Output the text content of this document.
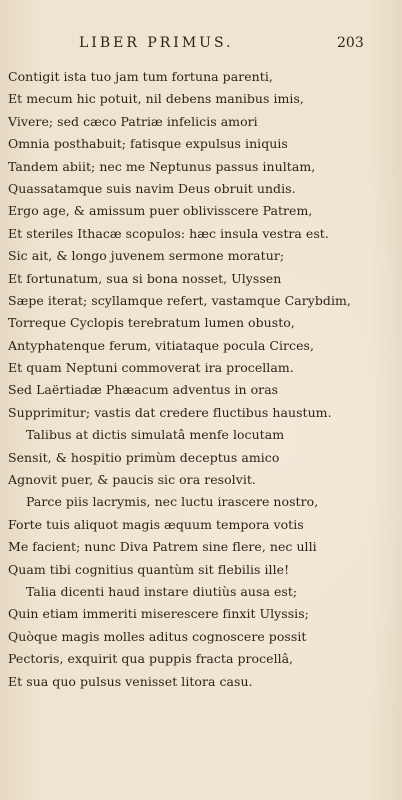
LIBER PRIMUS.	203
Contigit ista tuo jam tum fortuna parenti,
Et mecum hic potuit, nil debens manibus imis,
Vivere; sed cæco Patriæ infelicis amori
Omnia posthabuit; fatisque expulsus iniquis
Tandem abiit; nec me Neptunus passus inultam,
Quassatamque suis navim Deus obruit undis.
Ergo age, & amissum puer oblivisscere Patrem,
Et steriles Ithacæ scopulos: hæc insula vestra est.
Sic ait, & longo juvenem sermone moratur;
Et fortunatum, sua si bona nosset, Ulyssen
Sæpe iterat; scyllamque refert, vastamque Carybdim,
Torreque Cyclopis terebratum lumen obusto,
Antyphatenque ferum, vitiataque pocula Circes,
Et quam Neptuni commoverat ira procellam.
Sed Laërtiadæ Phæacum adventus in oras
Supprimitur; vastis dat credere fluctibus haustum.
Talibus at dictis simulatâ menfe locutam
Sensit, & hospitio primùm deceptus amico
Agnovit puer, & paucis sic ora resolvit.
Parce piis lacrymis, nec luctu irascere nostro,
Forte tuis aliquot magis æquum tempora votis
Me facient; nunc Diva Patrem sine flere, nec ulli
Quam tibi cognitius quantùm sit flebilis ille!
Talia dicenti haud instare diutiùs ausa est;
Quin etiam immeriti miserescere finxit Ulyssis;
Quòque magis molles aditus cognoscere possit
Pectoris, exquirit qua puppis fracta procellâ,
Et sua quo pulsus venisset litora casu.
